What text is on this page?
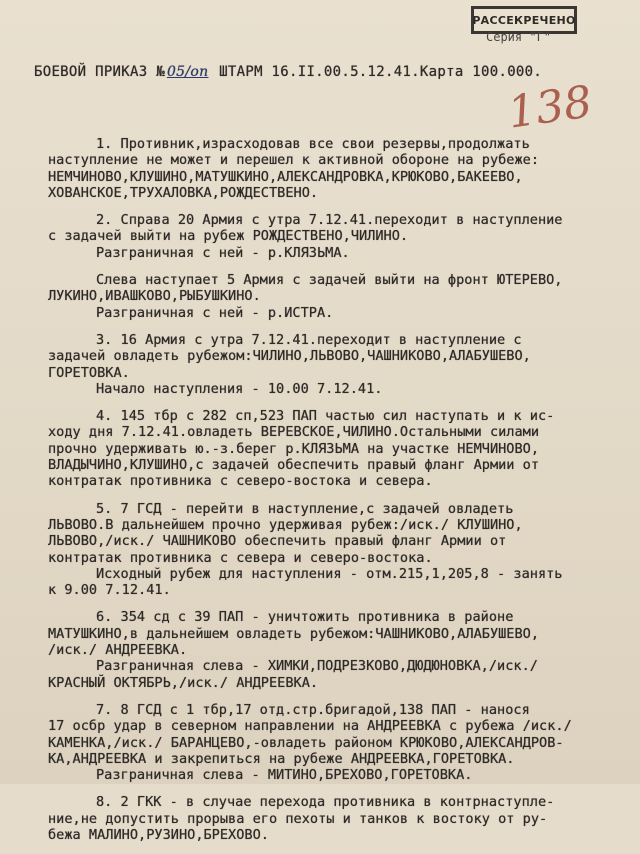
РАССЕКРЕЧЕНО
Серия "Г"
138
БОЕВОЙ ПРИКАЗ № 05/оп ШТАРМ 16.II.00.5.12.41.Карта 100.000.
1. Противник,израсходовав все свои резервы,продолжать
наступление не может и перешел к активной обороне на рубеже:
НЕМЧИНОВО,КЛУШИНО,МАТУШКИНО,АЛЕКСАНДРОВКА,КРЮКОВО,БАКЕЕВО,
ХОВАНСКОЕ,ТРУХАЛОВКА,РОЖДЕСТВЕНО.
2. Справа 20 Армия с утра 7.12.41.переходит в наступление
с задачей выйти на рубеж РОЖДЕСТВЕНО,ЧИЛИНО.
Разграничная с ней - р.КЛЯЗЬМА.
Слева наступает 5 Армия с задачей выйти на фронт ЮТЕРЕВО,
ЛУКИНО,ИВАШКОВО,РЫБУШКИНО.
Разграничная с ней - р.ИСТРА.
3. 16 Армия с утра 7.12.41.переходит в наступление с
задачей овладеть рубежом:ЧИЛИНО,ЛЬВОВО,ЧАШНИКОВО,АЛАБУШЕВО,
ГОРЕТОВКА.
Начало наступления - 10.00 7.12.41.
4. 145 тбр с 282 сп,523 ПАП частью сил наступать и к ис-
ходу дня 7.12.41.овладеть ВЕРЕВСКОЕ,ЧИЛИНО.Остальными силами
прочно удерживать ю.-з.берег р.КЛЯЗЬМА на участке НЕМЧИНОВО,
ВЛАДЫЧИНО,КЛУШИНО,с задачей обеспечить правый фланг Армии от
контратак противника с северо-востока и севера.
5. 7 ГСД - перейти в наступление,с задачей овладеть
ЛЬВОВО.В дальнейшем прочно удерживая рубеж:/иск./ КЛУШИНО,
ЛЬВОВО,/иск./ ЧАШНИКОВО обеспечить правый фланг Армии от
контратак противника с севера и северо-востока.
Исходный рубеж для наступления - отм.215,1,205,8 - занять
к 9.00 7.12.41.
6. 354 сд с 39 ПАП - уничтожить противника в районе
МАТУШКИНО,в дальнейшем овладеть рубежом:ЧАШНИКОВО,АЛАБУШЕВО,
/иск./ АНДРЕЕВКА.
Разграничная слева - ХИМКИ,ПОДРЕЗКОВО,ДЮДЮНОВКА,/иск./
КРАСНЫЙ ОКТЯБРЬ,/иск./ АНДРЕЕВКА.
7. 8 ГСД с 1 тбр,17 отд.стр.бригадой,138 ПАП - нанося
17 осбр удар в северном направлении на АНДРЕЕВКА с рубежа /иск./
КАМЕНКА,/иск./ БАРАНЦЕВО,-овладеть районом КРЮКОВО,АЛЕКСАНДРОВ-
КА,АНДРЕЕВКА и закрепиться на рубеже АНДРЕЕВКА,ГОРЕТОВКА.
Разграничная слева - МИТИНО,БРЕХОВО,ГОРЕТОВКА.
8. 2 ГКК - в случае перехода противника в контрнаступле-
ние,не допустить прорыва его пехоты и танков к востоку от ру-
бежа МАЛИНО,РУЗИНО,БРЕХОВО.
